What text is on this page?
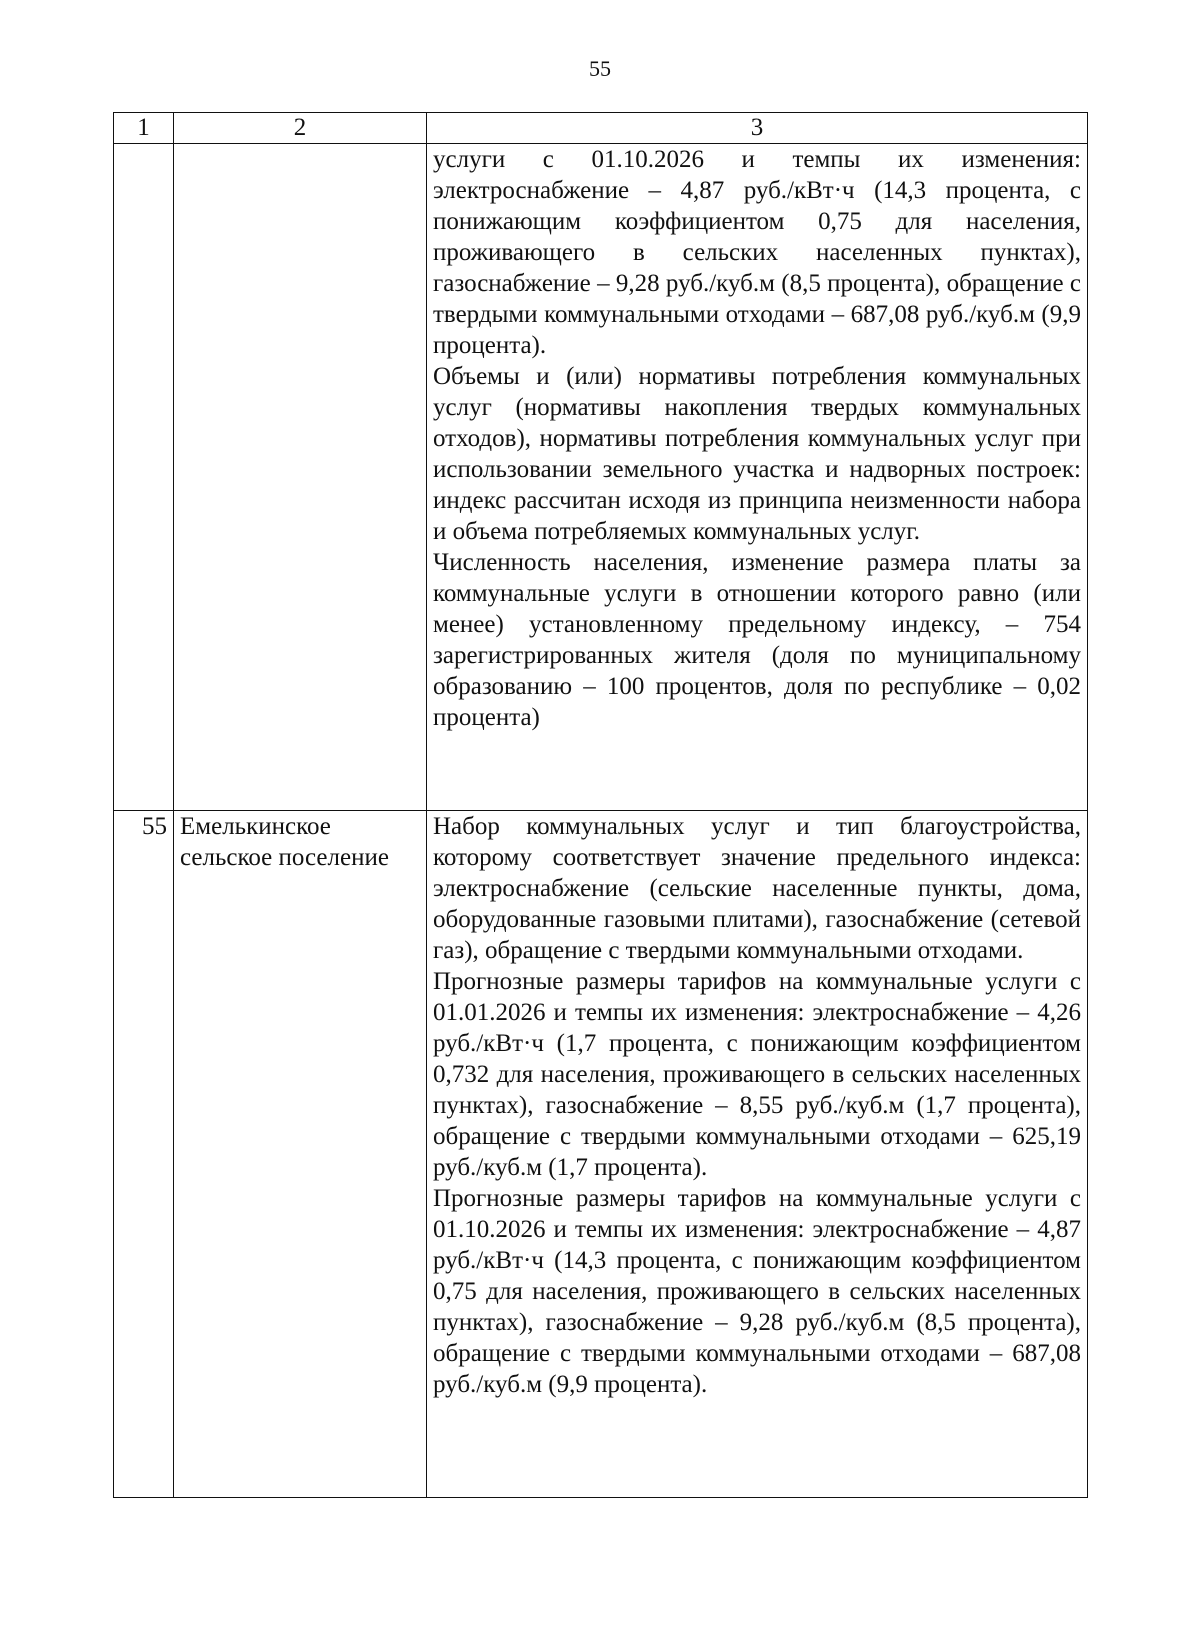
55
1	2	3

		услуги с 01.10.2026 и темпы их изменения: электроснабжение – 4,87 руб./кВт·ч (14,3 процента, с понижающим коэффициентом 0,75 для населения, проживающего в сельских населенных пунктах), газоснабжение – 9,28 руб./куб.м (8,5 процента), обращение с твердыми коммунальными отходами – 687,08 руб./куб.м (9,9 процента).

Объемы и (или) нормативы потребления коммунальных услуг (нормативы накопления твердых коммунальных отходов), нормативы потребления коммунальных услуг при использовании земельного участка и надворных построек: индекс рассчитан исходя из принципа неизменности набора и объема потребляемых коммунальных услуг.

Численность населения, изменение размера платы за коммунальные услуги в отношении которого равно (или менее) установленному предельному индексу, – 754 зарегистрированных жителя (доля по муниципальному образованию – 100 процентов, доля по республике – 0,02 процента)

55	Емелькинское сельское поселение	Набор коммунальных услуг и тип благоустройства, которому соответствует значение предельного индекса: электроснабжение (сельские населенные пункты, дома, оборудованные газовыми плитами), газоснабжение (сетевой газ), обращение с твердыми коммунальными отходами.

Прогнозные размеры тарифов на коммунальные услуги с 01.01.2026 и темпы их изменения: электроснабжение – 4,26 руб./кВт·ч (1,7 процента, с понижающим коэффициентом 0,732 для населения, проживающего в сельских населенных пунктах), газоснабжение – 8,55 руб./куб.м (1,7 процента), обращение с твердыми коммунальными отходами – 625,19 руб./куб.м (1,7 процента).

Прогнозные размеры тарифов на коммунальные услуги с 01.10.2026 и темпы их изменения: электроснабжение – 4,87 руб./кВт·ч (14,3 процента, с понижающим коэффициентом 0,75 для населения, проживающего в сельских населенных пунктах), газоснабжение – 9,28 руб./куб.м (8,5 процента), обращение с твердыми коммунальными отходами – 687,08 руб./куб.м (9,9 процента).
